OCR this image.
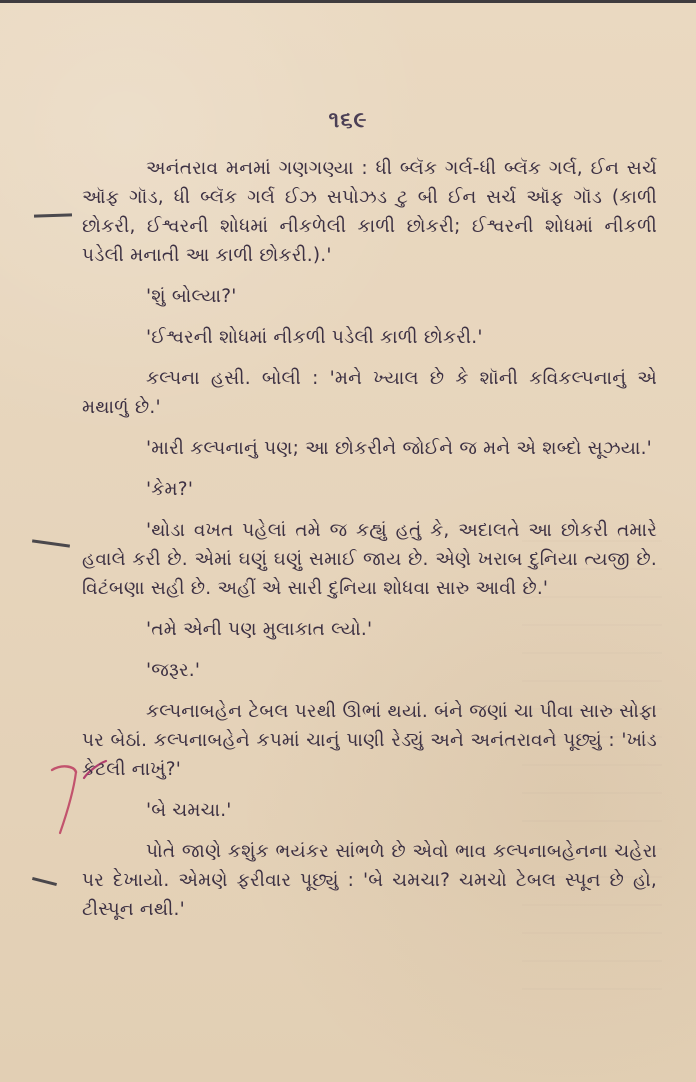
૧૬૯

અનંતરાવ મનમાં ગણગણ્યા : ધી બ્લૅક ગર્લ-ધી બ્લૅક ગર્લ, ઈન સર્ચ ઑફ ગૉડ, ધી બ્લૅક ગર્લ ઈઝ સપોઝડ ટુ બી ઈન સર્ચ ઑફ ગૉડ (કાળી છોકરી, ઈશ્વરની શોધમાં નીકળેલી કાળી છોકરી; ઈશ્વરની શોધમાં નીકળી પડેલી મનાતી આ કાળી છોકરી.).'

'શું બોલ્યા?'

'ઈશ્વરની શોધમાં નીકળી પડેલી કાળી છોકરી.'

કલ્પના હસી. બોલી : 'મને ખ્યાલ છે કે શૉની કવિકલ્પનાનું એ મથાળું છે.'

'મારી કલ્પનાનું પણ; આ છોકરીને જોઈને જ મને એ શબ્દો સૂઝયા.'

'કેમ?'

'થોડા વખત પહેલાં તમે જ કહ્યું હતું કે, અદાલતે આ છોકરી તમારે હવાલે કરી છે. એમાં ઘણું ઘણું સમાઈ જાય છે. એણે ખરાબ દુનિયા ત્યજી છે. વિટંબણા સહી છે. અહીં એ સારી દુનિયા શોધવા સારુ આવી છે.'

'તમે એની પણ મુલાકાત લ્યો.'

'જરૂર.'

કલ્પનાબહેન ટેબલ પરથી ઊભાં થયાં. બંને જણાં ચા પીવા સારુ સોફા પર બેઠાં. કલ્પનાબહેને કપમાં ચાનું પાણી રેડ્યું અને અનંતરાવને પૂછ્યું : 'ખાંડ કેટલી નાખું?'

'બે ચમચા.'

પોતે જાણે કશુંક ભયંકર સાંભળે છે એવો ભાવ કલ્પનાબહેનના ચહેરા પર દેખાયો. એમણે ફરીવાર પૂછ્યું : 'બે ચમચા? ચમચો ટેબલ સ્પૂન છે હો, ટીસ્પૂન નથી.'
